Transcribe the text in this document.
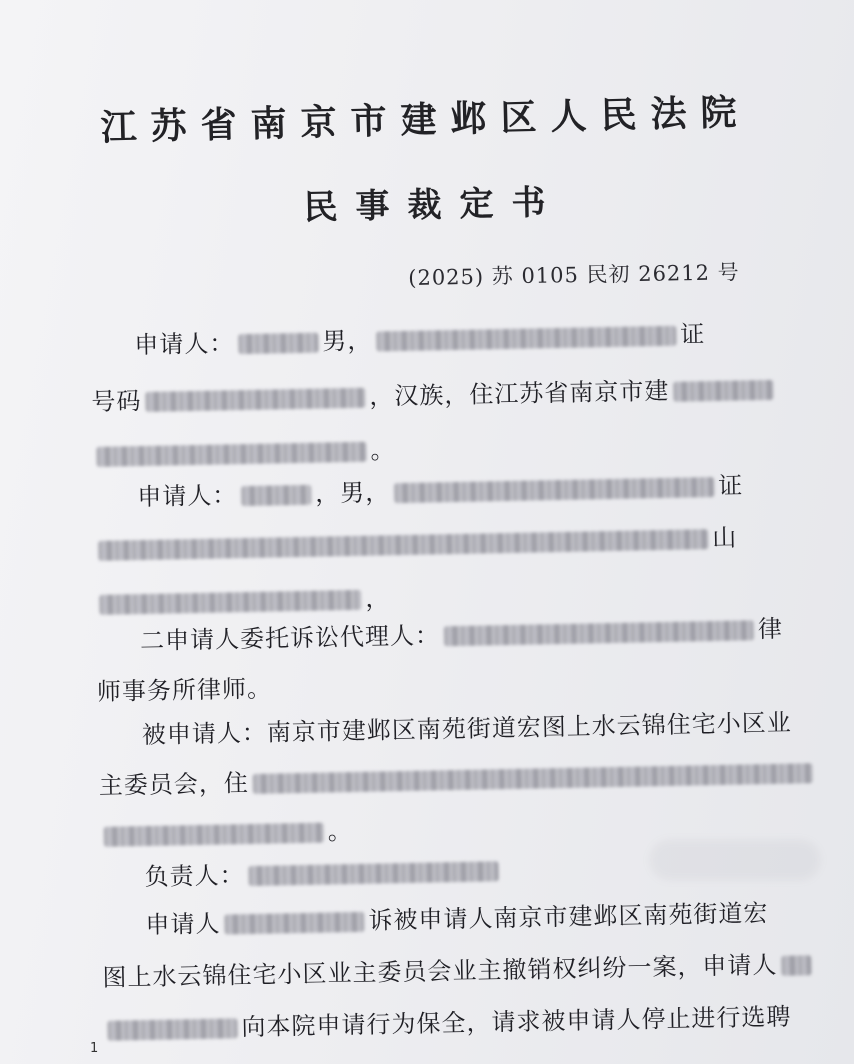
江苏省南京市建邺区人民法院
民事裁定书
(2025) 苏 0105 民初 26212 号
申请人：	男，	证
号码	，汉族，住江苏省南京市建
。
申请人：	，男，	证
山
，
二申请人委托诉讼代理人：	律
师事务所律师。
被申请人：南京市建邺区南苑街道宏图上水云锦住宅小区业
主委员会，住
。
负责人：
申请人	诉被申请人南京市建邺区南苑街道宏
图上水云锦住宅小区业主委员会业主撤销权纠纷一案，申请人
向本院申请行为保全，请求被申请人停止进行选聘
1
